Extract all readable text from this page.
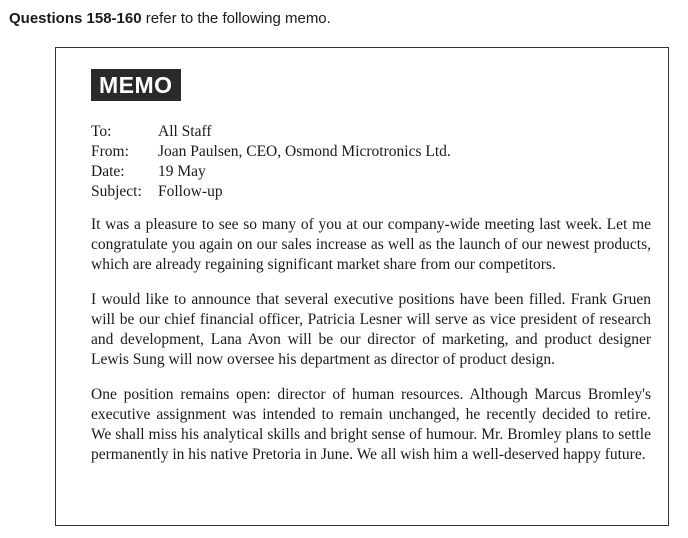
Questions 158-160 refer to the following memo.
MEMO
To:	All Staff
From:	Joan Paulsen, CEO, Osmond Microtronics Ltd.
Date:	19 May
Subject:	Follow-up

It was a pleasure to see so many of you at our company-wide meeting last week. Let me congratulate you again on our sales increase as well as the launch of our newest products, which are already regaining significant market share from our competitors.

I would like to announce that several executive positions have been filled. Frank Gruen will be our chief financial officer, Patricia Lesner will serve as vice president of research and development, Lana Avon will be our director of marketing, and product designer Lewis Sung will now oversee his department as director of product design.

One position remains open: director of human resources. Although Marcus Bromley's executive assignment was intended to remain unchanged, he recently decided to retire. We shall miss his analytical skills and bright sense of humour. Mr. Bromley plans to settle permanently in his native Pretoria in June. We all wish him a well-deserved happy future.
